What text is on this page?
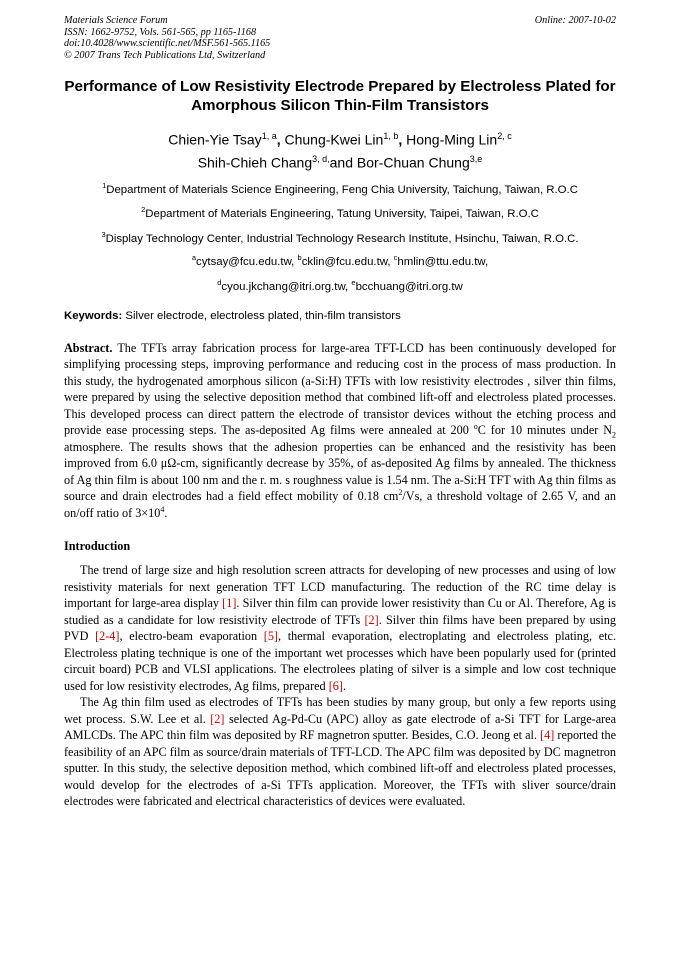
Materials Science Forum
ISSN: 1662-9752, Vols. 561-565, pp 1165-1168
doi:10.4028/www.scientific.net/MSF.561-565.1165
© 2007 Trans Tech Publications Ltd, Switzerland
Online: 2007-10-02
Performance of Low Resistivity Electrode Prepared by Electroless Plated for Amorphous Silicon Thin-Film Transistors
Chien-Yie Tsay$^{1, a}$, Chung-Kwei Lin$^{1, b}$, Hong-Ming Lin$^{2, c}$
Shih-Chieh Chang$^{3, d,}$and Bor-Chuan Chung$^{3,e}$
$^1$Department of Materials Science Engineering, Feng Chia University, Taichung, Taiwan, R.O.C
$^2$Department of Materials Engineering, Tatung University, Taipei, Taiwan, R.O.C
$^3$Display Technology Center, Industrial Technology Research Institute, Hsinchu, Taiwan, R.O.C.
$^a$cytsay@fcu.edu.tw, $^b$cklin@fcu.edu.tw, $^c$hmlin@ttu.edu.tw,
$^d$cyou.jkchang@itri.org.tw, $^e$bcchuang@itri.org.tw
Keywords: Silver electrode, electroless plated, thin-film transistors
Abstract. The TFTs array fabrication process for large-area TFT-LCD has been continuously developed for simplifying processing steps, improving performance and reducing cost in the process of mass production. In this study, the hydrogenated amorphous silicon (a-Si:H) TFTs with low resistivity electrodes , silver thin films, were prepared by using the selective deposition method that combined lift-off and electroless plated processes. This developed process can direct pattern the electrode of transistor devices without the etching process and provide ease processing steps. The as-deposited Ag films were annealed at 200 $^o$C for 10 minutes under $N_2$ atmosphere. The results shows that the adhesion properties can be enhanced and the resistivity has been improved from 6.0 μΩ-cm, significantly decrease by 35%, of as-deposited Ag films by annealed. The thickness of Ag thin film is about 100 nm and the r. m. s roughness value is 1.54 nm. The a-Si:H TFT with Ag thin films as source and drain electrodes had a field effect mobility of 0.18 $cm^2/Vs$, a threshold voltage of 2.65 V, and an on/off ratio of $3\times 10^4$.
Introduction

The trend of large size and high resolution screen attracts for developing of new processes and using of low resistivity materials for next generation TFT LCD manufacturing. The reduction of the RC time delay is important for large-area display [1]. Silver thin film can provide lower resistivity than Cu or Al. Therefore, Ag is studied as a candidate for low resistivity electrode of TFTs [2]. Silver thin films have been prepared by using PVD [2-4], electro-beam evaporation [5], thermal evaporation, electroplating and electroless plating, etc. Electroless plating technique is one of the important wet processes which have been popularly used for (printed circuit board) PCB and VLSI applications. The electrolees plating of silver is a simple and low cost technique used for low resistivity electrodes, Ag films, prepared [6].

The Ag thin film used as electrodes of TFTs has been studies by many group, but only a few reports using wet process. S.W. Lee et al. [2] selected Ag-Pd-Cu (APC) alloy as gate electrode of a-Si TFT for Large-area AMLCDs. The APC thin film was deposited by RF magnetron sputter. Besides, C.O. Jeong et al. [4] reported the feasibility of an APC film as source/drain materials of TFT-LCD. The APC film was deposited by DC magnetron sputter. In this study, the selective deposition method, which combined lift-off and electroless plated processes, would develop for the electrodes of a-Si TFTs application. Moreover, the TFTs with sliver source/drain electrodes were fabricated and electrical characteristics of devices were evaluated.
